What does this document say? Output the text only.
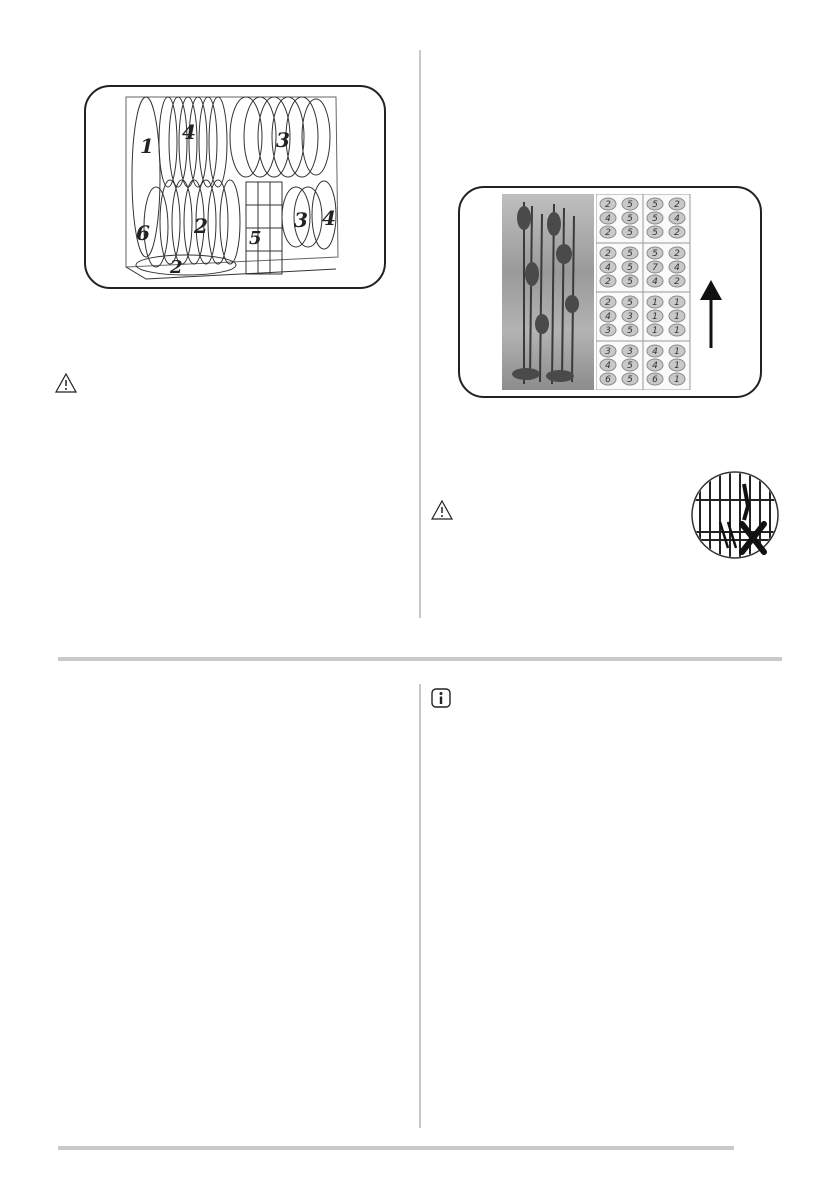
1
4	3
6 2
5
3 4
2
2 5
4 5
2 5
5 2
5 4
5 2
2 5
4 5
2 5
5 2
7 4
4 2
2 5
4 3
3 5
1 1
1 1
1 1
3 3
4 5
6 5
4 1
4 1
6 1
